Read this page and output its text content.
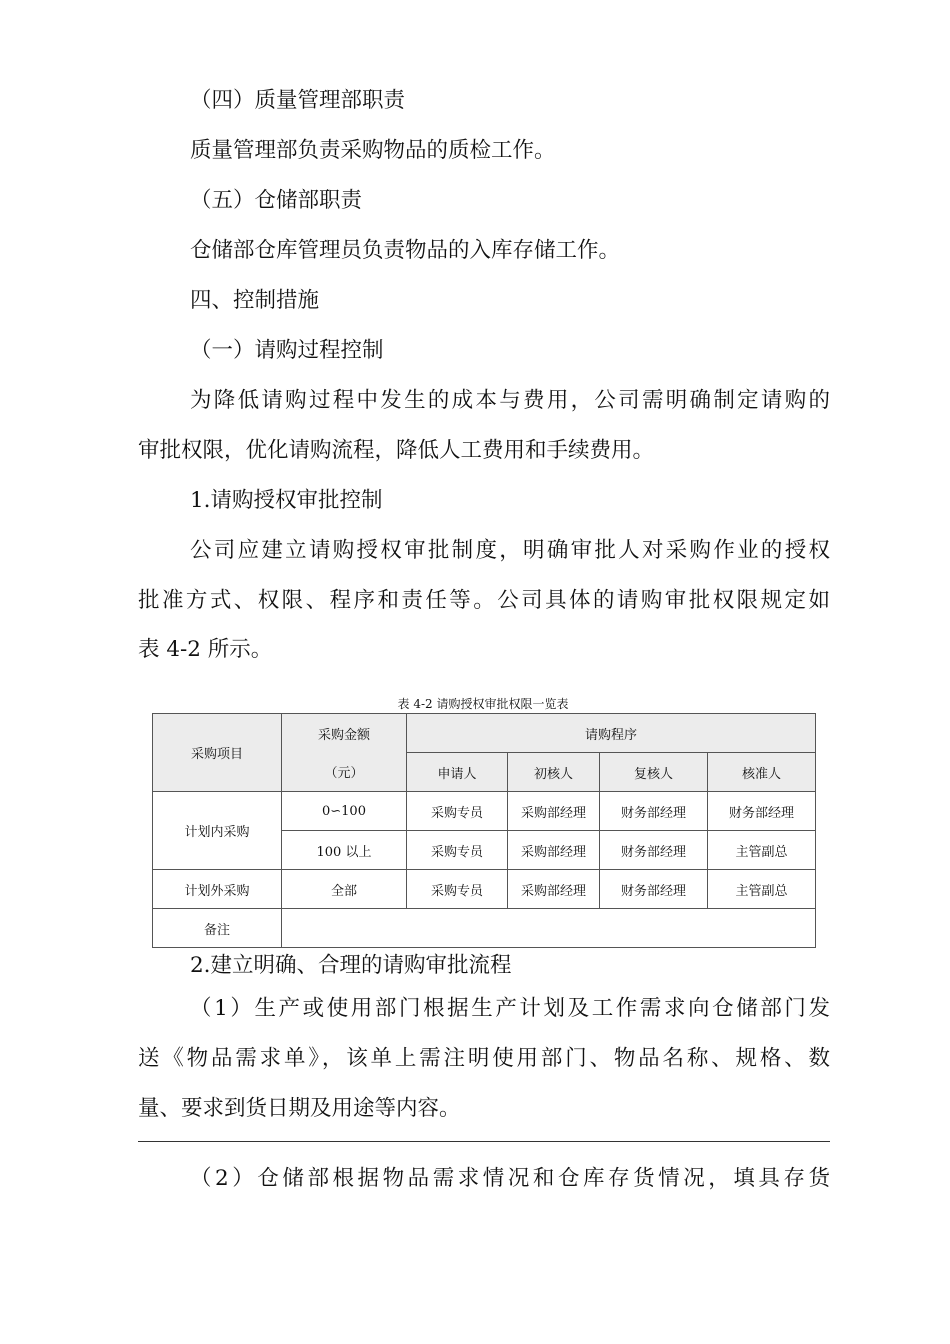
（四）质量管理部职责
质量管理部负责采购物品的质检工作。
（五）仓储部职责
仓储部仓库管理员负责物品的入库存储工作。
四、控制措施
（一）请购过程控制
为降低请购过程中发生的成本与费用，公司需明确制定请购的
审批权限，优化请购流程，降低人工费用和手续费用。
1.请购授权审批控制
公司应建立请购授权审批制度，明确审批人对采购作业的授权
批准方式、权限、程序和责任等。公司具体的请购审批权限规定如
表 4-2 所示。
表 4-2 请购授权审批权限一览表
采购项目	采购金额	请购程序			
	（元）	申请人	初核人	复核人	核准人
计划内采购	0∽100	采购专员	采购部经理	财务部经理	财务部经理
	100 以上	采购专员	采购部经理	财务部经理	主管副总
计划外采购	全部	采购专员	采购部经理	财务部经理	主管副总
备注					
2.建立明确、合理的请购审批流程
（1）生产或使用部门根据生产计划及工作需求向仓储部门发
送《物品需求单》，该单上需注明使用部门、物品名称、规格、数
量、要求到货日期及用途等内容。
（2）仓储部根据物品需求情况和仓库存货情况，填具存货
